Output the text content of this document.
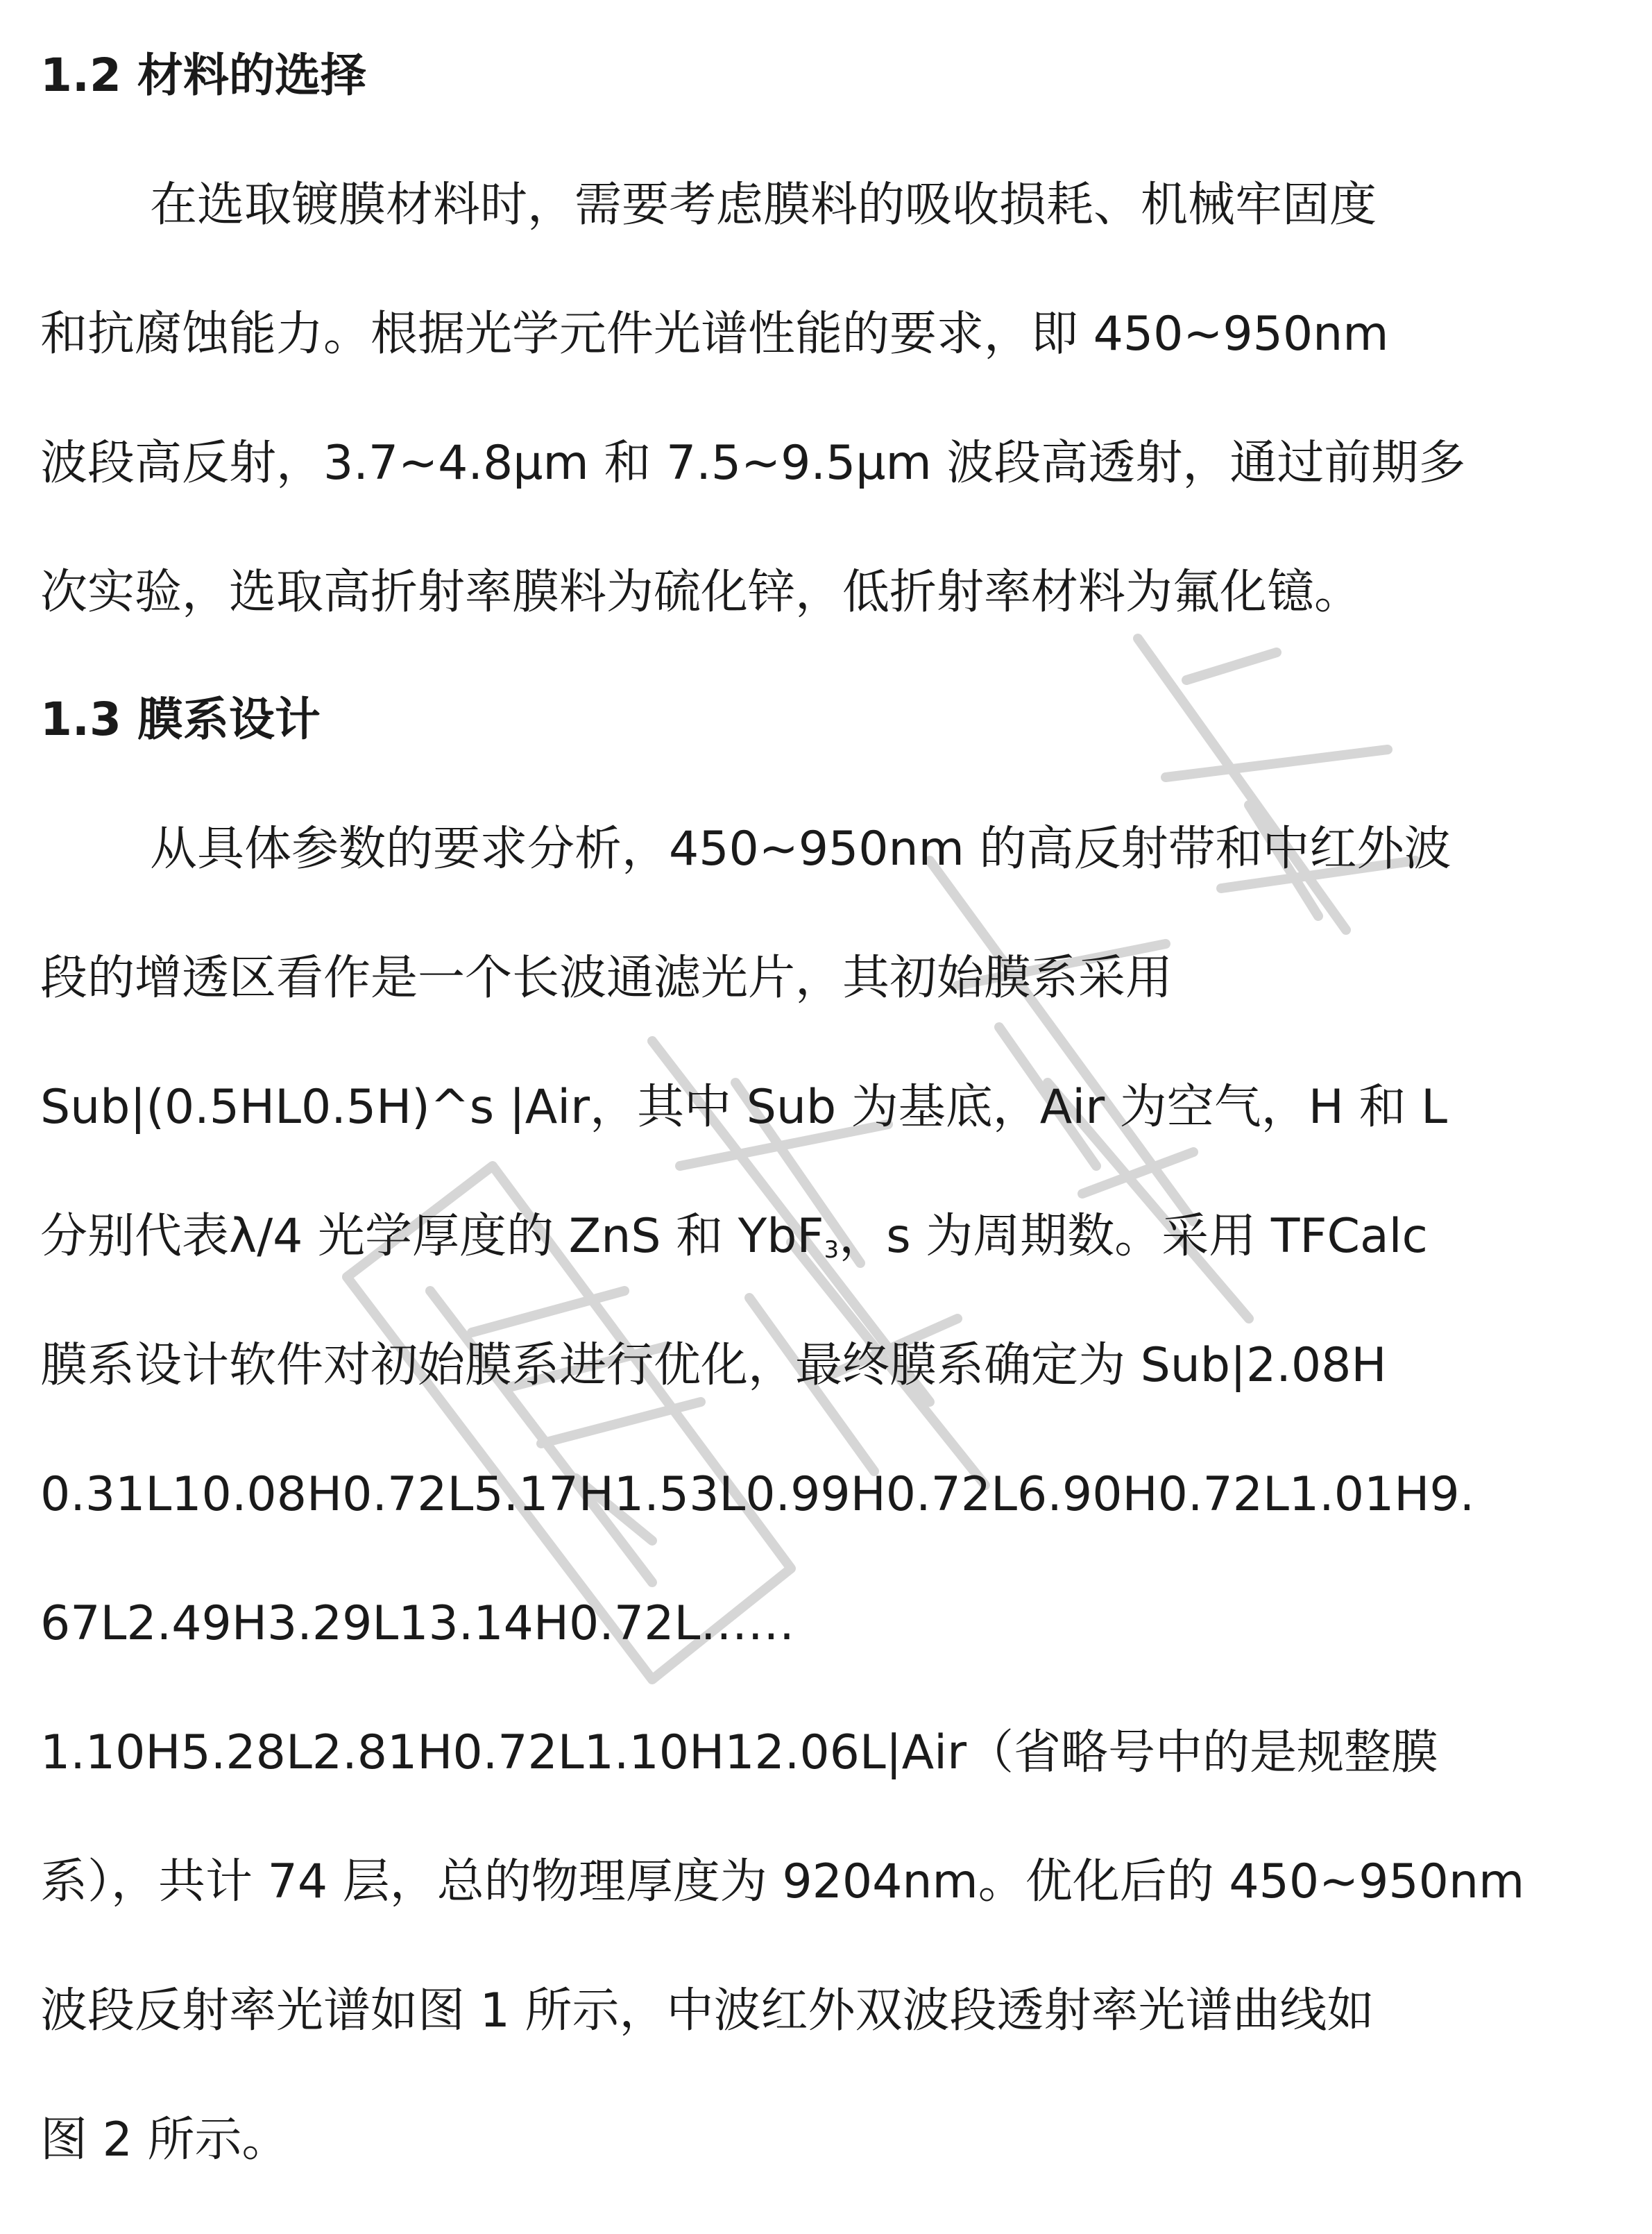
1.2 材料的选择
在选取镀膜材料时，需要考虑膜料的吸收损耗、机械牢固度
和抗腐蚀能力。根据光学元件光谱性能的要求，即 450~950nm
波段高反射，3.7~4.8μm 和 7.5~9.5μm 波段高透射，通过前期多
次实验，选取高折射率膜料为硫化锌，低折射率材料为氟化镱。
1.3 膜系设计
从具体参数的要求分析，450~950nm 的高反射带和中红外波
段的增透区看作是一个长波通滤光片，其初始膜系采用
Sub|(0.5HL0.5H)^s |Air，其中 Sub 为基底，Air 为空气，H 和 L
分别代表λ/4 光学厚度的 ZnS 和 YbF$_3$，s 为周期数。采用 TFCalc
膜系设计软件对初始膜系进行优化，最终膜系确定为 Sub|2.08H
0.31L10.08H0.72L5.17H1.53L0.99H0.72L6.90H0.72L1.01H9.
67L2.49H3.29L13.14H0.72L……
1.10H5.28L2.81H0.72L1.10H12.06L|Air（省略号中的是规整膜
系），共计 74 层，总的物理厚度为 9204nm。优化后的 450~950nm
波段反射率光谱如图 1 所示，中波红外双波段透射率光谱曲线如
图 2 所示。
